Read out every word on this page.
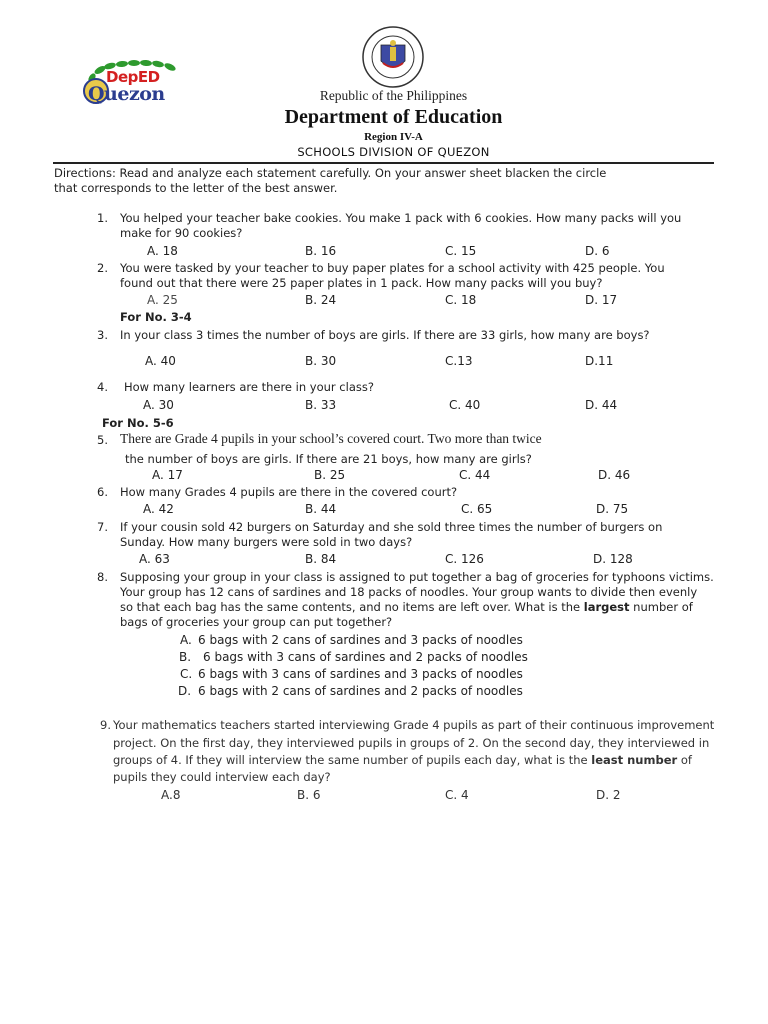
DepED
Quezon	Republic of the Philippines
Department of Education
Region IV-A
SCHOOLS DIVISION OF QUEZON
Directions: Read and analyze each statement carefully. On your answer sheet blacken the circle
that corresponds to the letter of the best answer.
1. You helped your teacher bake cookies. You make 1 pack with 6 cookies. How many packs will you
make for 90 cookies?
A. 18	B. 16	C. 15	D. 6
2. You were tasked by your teacher to buy paper plates for a school activity with 425 people. You
found out that there were 25 paper plates in 1 pack. How many packs will you buy?
A. 25	B. 24	C. 18	D. 17
For No. 3-4
3. In your class 3 times the number of boys are girls. If there are 33 girls, how many are boys?
A. 40	B. 30	C.13	D.11
4. How many learners are there in your class?
A. 30	B. 33	C. 40	D. 44
For No. 5-6
5. There are Grade 4 pupils in your school’s covered court. Two more than twice
the number of boys are girls. If there are 21 boys, how many are girls?
A. 17	B. 25	C. 44	D. 46
6. How many Grades 4 pupils are there in the covered court?
A. 42	B. 44	C. 65	D. 75
7. If your cousin sold 42 burgers on Saturday and she sold three times the number of burgers on
Sunday. How many burgers were sold in two days?
A. 63	B. 84	C. 126	D. 128
8. Supposing your group in your class is assigned to put together a bag of groceries for typhoons victims.
Your group has 12 cans of sardines and 18 packs of noodles. Your group wants to divide then evenly
so that each bag has the same contents, and no items are left over. What is the largest number of
bags of groceries your group can put together?
A. 6 bags with 2 cans of sardines and 3 packs of noodles
B. 6 bags with 3 cans of sardines and 2 packs of noodles
C. 6 bags with 3 cans of sardines and 3 packs of noodles
D. 6 bags with 2 cans of sardines and 2 packs of noodles
9. Your mathematics teachers started interviewing Grade 4 pupils as part of their continuous improvement
project. On the first day, they interviewed pupils in groups of 2. On the second day, they interviewed in
groups of 4. If they will interview the same number of pupils each day, what is the least number of
pupils they could interview each day?
A.8	B. 6	C. 4	D. 2
